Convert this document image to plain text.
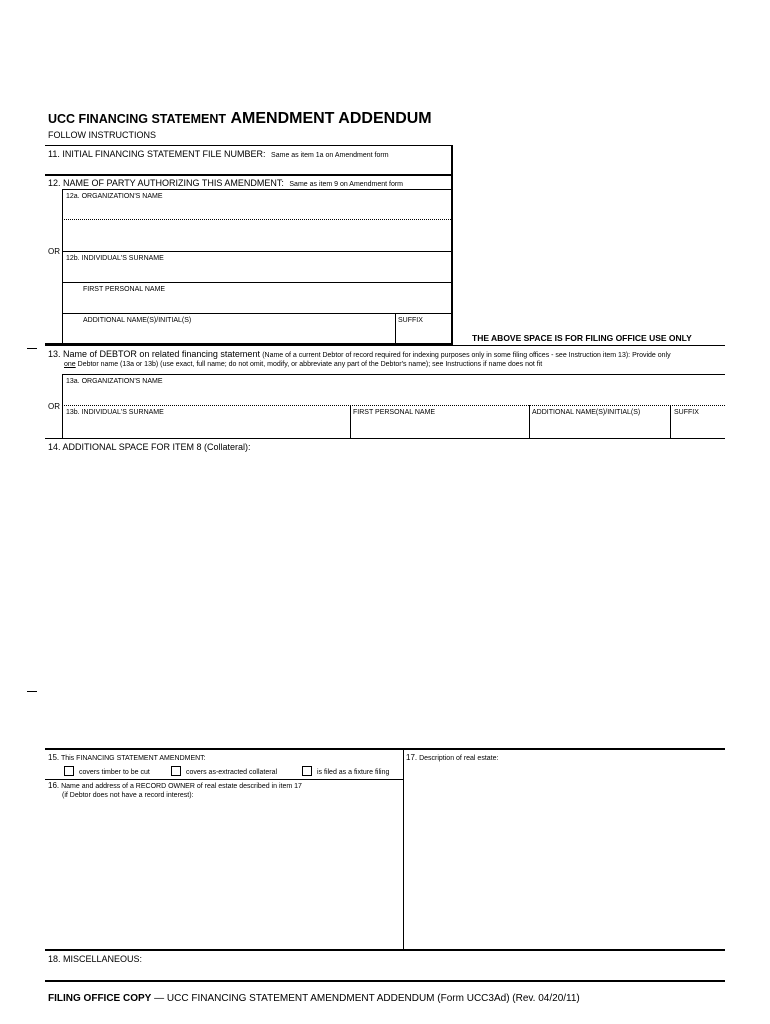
UCC FINANCING STATEMENT AMENDMENT ADDENDUM
FOLLOW INSTRUCTIONS
11. INITIAL FINANCING STATEMENT FILE NUMBER: Same as item 1a on Amendment form
12. NAME OF PARTY AUTHORIZING THIS AMENDMENT: Same as item 9 on Amendment form
12a. ORGANIZATION'S NAME
OR
12b. INDIVIDUAL'S SURNAME
FIRST PERSONAL NAME
ADDITIONAL NAME(S)/INITIAL(S)	SUFFIX
THE ABOVE SPACE IS FOR FILING OFFICE USE ONLY
13. Name of DEBTOR on related financing statement (Name of a current Debtor of record required for indexing purposes only in some filing offices - see Instruction item 13): Provide only
one Debtor name (13a or 13b) (use exact, full name; do not omit, modify, or abbreviate any part of the Debtor's name); see Instructions if name does not fit
13a. ORGANIZATION'S NAME
OR
13b. INDIVIDUAL'S SURNAME	FIRST PERSONAL NAME	ADDITIONAL NAME(S)/INITIAL(S)	SUFFIX
14. ADDITIONAL SPACE FOR ITEM 8 (Collateral):
15. This FINANCING STATEMENT AMENDMENT:
covers timber to be cut	covers as-extracted collateral	is filed as a fixture filing
16. Name and address of a RECORD OWNER of real estate described in item 17
(if Debtor does not have a record interest):
17. Description of real estate:
18. MISCELLANEOUS:
FILING OFFICE COPY — UCC FINANCING STATEMENT AMENDMENT ADDENDUM (Form UCC3Ad) (Rev. 04/20/11)
